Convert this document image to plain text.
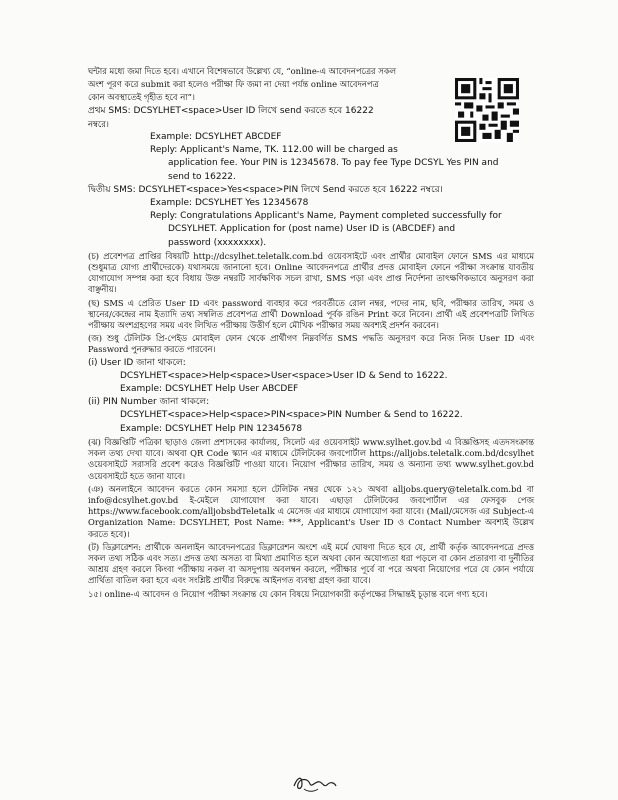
ঘন্টার মধ্যে জমা দিতে হবে। এখানে বিশেষভাবে উল্লেখ্য যে, “online-এ আবেদনপত্রের সকল

অংশ পূরণ করে submit করা হলেও পরীক্ষা ফি জমা না দেয়া পর্যন্ত online আবেদনপত্র

কোন অবস্থাতেই গৃহীত হবে না”।

প্রথম SMS: DCSYLHET<space>User ID লিখে send করতে হবে 16222

নম্বরে।

Example: DCSYLHET ABCDEF

Reply: Applicant's Name, TK. 112.00 will be charged as

application fee. Your PIN is 12345678. To pay fee Type DCSYL Yes PIN and

send to 16222.

দ্বিতীয় SMS: DCSYLHET<space>Yes<space>PIN লিখে Send করতে হবে 16222 নম্বরে।

Example: DCSYLHET Yes 12345678

Reply: Congratulations Applicant's Name, Payment completed successfully for

DCSYLHET. Application for (post name) User ID is (ABCDEF) and

password (xxxxxxxx).

(চ) প্রবেশপত্র প্রাপ্তির বিষয়টি http://dcsylhet.teletalk.com.bd ওয়েবসাইটে এবং প্রার্থীর মোবাইল ফোনে SMS এর মাধ্যমে (শুধুমাত্র যোগ্য প্রার্থীদেরকে) যথাসময়ে জানানো হবে। Online আবেদনপত্রে প্রার্থীর প্রদত্ত মোবাইল ফোনে পরীক্ষা সংক্রান্ত যাবতীয় যোগাযোগ সম্পন্ন করা হবে বিধায় উক্ত নম্বরটি সার্বক্ষণিক সচল রাখা, SMS পড়া এবং প্রাপ্ত নির্দেশনা তাৎক্ষণিকভাবে অনুসরণ করা বাঞ্ছনীয়।

(ছ) SMS এ প্রেরিত User ID এবং password ব্যবহার করে পরবর্তীতে রোল নম্বর, পদের নাম, ছবি, পরীক্ষার তারিখ, সময় ও স্থানের/কেন্দ্রের নাম ইত্যাদি তথ্য সম্বলিত প্রবেশপত্র প্রার্থী Download পূর্বক রঙিন Print করে নিবেন। প্রার্থী এই প্রবেশপত্রটি লিখিত পরীক্ষায় অংশগ্রহণের সময় এবং লিখিত পরীক্ষায় উত্তীর্ণ হলে মৌখিক পরীক্ষার সময় অবশ্যই প্রদর্শন করবেন।

(জ) শুধু টেলিটক প্রি-পেইড মোবাইল ফোন থেকে প্রার্থীগণ নিম্নবর্ণিত SMS পদ্ধতি অনুসরণ করে নিজ নিজ User ID এবং Password পুনরুদ্ধার করতে পারবেন।

(i) User ID জানা থাকলে:

DCSYLHET<space>Help<space>User<space>User ID & Send to 16222.

Example: DCSYLHET Help User ABCDEF

(ii) PIN Number জানা থাকলে:

DCSYLHET<space>Help<space>PIN<space>PIN Number & Send to 16222.

Example: DCSYLHET Help PIN 12345678

(ঝ) বিজ্ঞপ্তিটি পত্রিকা ছাড়াও জেলা প্রশাসকের কার্যালয়, সিলেট এর ওয়েবসাইট www.sylhet.gov.bd এ বিজ্ঞপ্তিসহ এতদসংক্রান্ত সকল তথ্য দেখা যাবে। অথবা QR Code স্ক্যান এর মাধ্যমে টেলিটকের জবপোর্টাল https://alljobs.teletalk.com.bd/dcsylhet ওয়েবসাইটে সরাসরি প্রবেশ করেও বিজ্ঞপ্তিটি পাওয়া যাবে। নিয়োগ পরীক্ষার তারিখ, সময় ও অন্যান্য তথ্য www.sylhet.gov.bd ওয়েবসাইটে হতে জানা যাবে।

(ঞ) অনলাইনে আবেদন করতে কোন সমস্যা হলে টেলিটক নম্বর থেকে ১২১ অথবা alljobs.query@teletalk.com.bd বা info@dcsylhet.gov.bd ই-মেইলে যোগাযোগ করা যাবে। এছাড়া টেলিটকের জবপোর্টাল এর ফেসবুক পেজ https://www.facebook.com/alljobsbdTeletalk এ মেসেজ এর মাধ্যমে যোগাযোগ করা যাবে। (Mail/মেসেজ এর Subject-এ Organization Name: DCSYLHET, Post Name: ***, Applicant's User ID ও Contact Number অবশ্যই উল্লেখ করতে হবে)।

(ট) ডিক্লারেশন: প্রার্থীকে অনলাইন আবেদনপত্রের ডিক্লারেশন অংশে এই মর্মে ঘোষণা দিতে হবে যে, প্রার্থী কর্তৃক আবেদনপত্রে প্রদত্ত সকল তথ্য সঠিক এবং সত্য। প্রদত্ত তথ্য অসত্য বা মিথ্যা প্রমাণিত হলে অথবা কোন অযোগ্যতা ধরা পড়লে বা কোন প্রতারণা বা দুর্নীতির আশ্রয় গ্রহণ করলে কিংবা পরীক্ষায় নকল বা অসদুপায় অবলম্বন করলে, পরীক্ষার পূর্বে বা পরে অথবা নিয়োগের পরে যে কোন পর্যায়ে প্রার্থিতা বাতিল করা হবে এবং সংশ্লিষ্ট প্রার্থীর বিরুদ্ধে আইনগত ব্যবস্থা গ্রহণ করা যাবে।

১৫। online-এ আবেদন ও নিয়োগ পরীক্ষা সংক্রান্ত যে কোন বিষয়ে নিয়োগকারী কর্তৃপক্ষের সিদ্ধান্তই চূড়ান্ত বলে গণ্য হবে।
